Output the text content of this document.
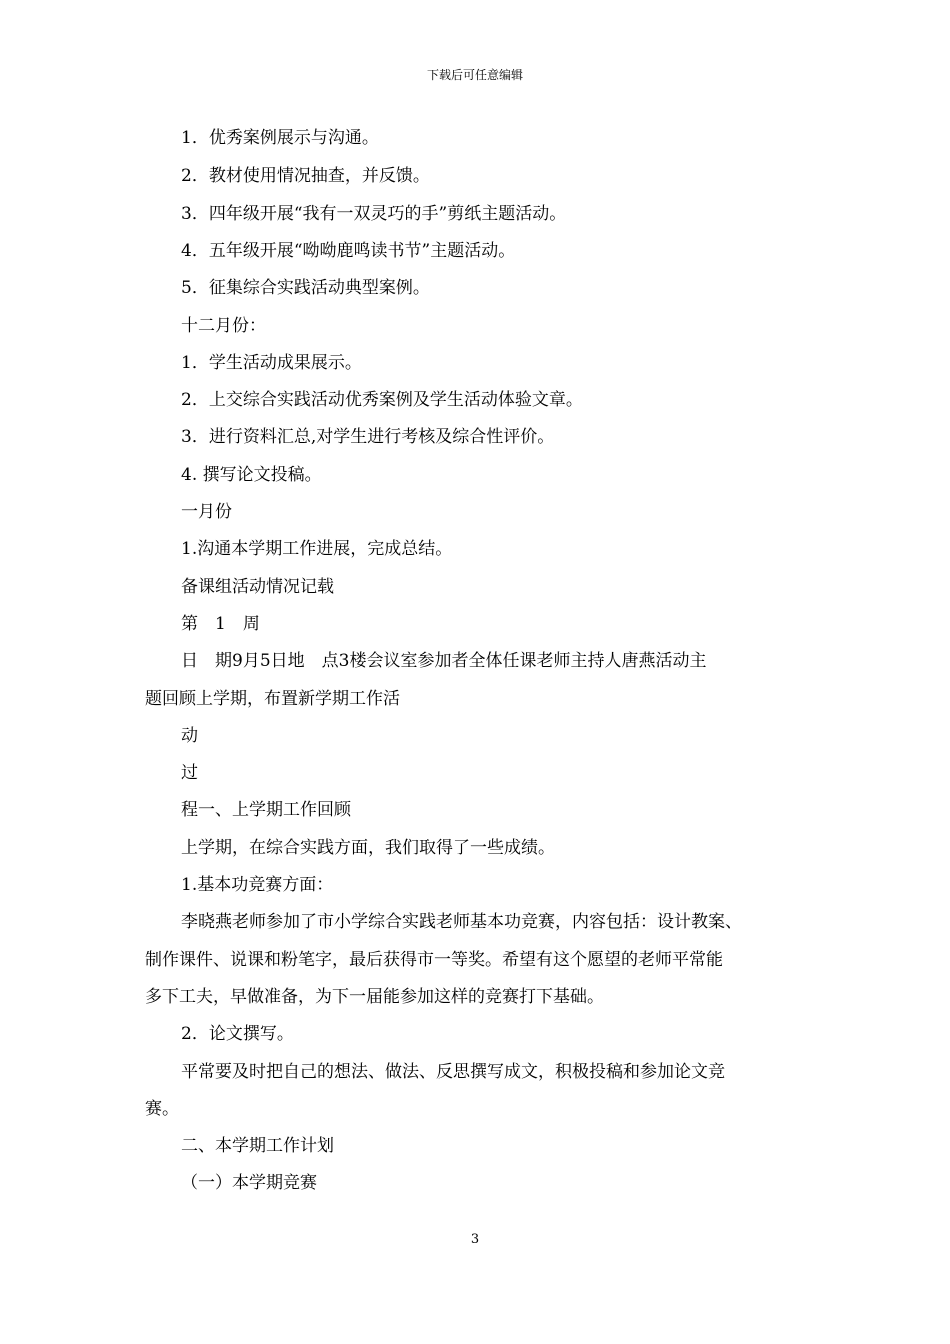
下载后可任意编辑
1．优秀案例展示与沟通。
2．教材使用情况抽查，并反馈。
3．四年级开展“我有一双灵巧的手”剪纸主题活动。
4．五年级开展“呦呦鹿鸣读书节”主题活动。
5．征集综合实践活动典型案例。
十二月份：
1．学生活动成果展示。
2．上交综合实践活动优秀案例及学生活动体验文章。
3．进行资料汇总,对学生进行考核及综合性评价。
4. 撰写论文投稿。
一月份
1.沟通本学期工作进展，完成总结。
备课组活动情况记载
第　1　周
日　期9月5日地　点3楼会议室参加者全体任课老师主持人唐燕活动主
题回顾上学期，布置新学期工作活
动
过
程一、上学期工作回顾
上学期，在综合实践方面，我们取得了一些成绩。
1.基本功竞赛方面：
李晓燕老师参加了市小学综合实践老师基本功竞赛，内容包括：设计教案、
制作课件、说课和粉笔字，最后获得市一等奖。希望有这个愿望的老师平常能
多下工夫，早做准备，为下一届能参加这样的竞赛打下基础。
2．论文撰写。
平常要及时把自己的想法、做法、反思撰写成文，积极投稿和参加论文竞
赛。
二、本学期工作计划
（一）本学期竞赛
3
